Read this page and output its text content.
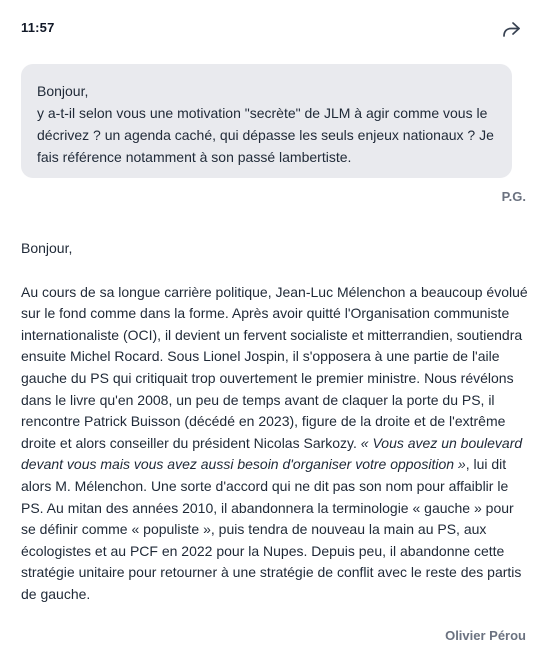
11:57

Bonjour,

y a-t-il selon vous une motivation "secrète" de JLM à agir comme vous le décrivez ? un agenda caché, qui dépasse les seuls enjeux nationaux ? Je fais référence notamment à son passé lambertiste.

P.G.

Bonjour,

Au cours de sa longue carrière politique, Jean-Luc Mélenchon a beaucoup évolué sur le fond comme dans la forme. Après avoir quitté l'Organisation communiste internationaliste (OCI), il devient un fervent socialiste et mitterrandien, soutiendra ensuite Michel Rocard. Sous Lionel Jospin, il s'opposera à une partie de l'aile gauche du PS qui critiquait trop ouvertement le premier ministre. Nous révélons dans le livre qu'en 2008, un peu de temps avant de claquer la porte du PS, il rencontre Patrick Buisson (décédé en 2023), figure de la droite et de l'extrême droite et alors conseiller du président Nicolas Sarkozy. « Vous avez un boulevard devant vous mais vous avez aussi besoin d'organiser votre opposition », lui dit alors M. Mélenchon. Une sorte d'accord qui ne dit pas son nom pour affaiblir le PS. Au mitan des années 2010, il abandonnera la terminologie « gauche » pour se définir comme « populiste », puis tendra de nouveau la main au PS, aux écologistes et au PCF en 2022 pour la Nupes. Depuis peu, il abandonne cette stratégie unitaire pour retourner à une stratégie de conflit avec le reste des partis de gauche.

Olivier Pérou
